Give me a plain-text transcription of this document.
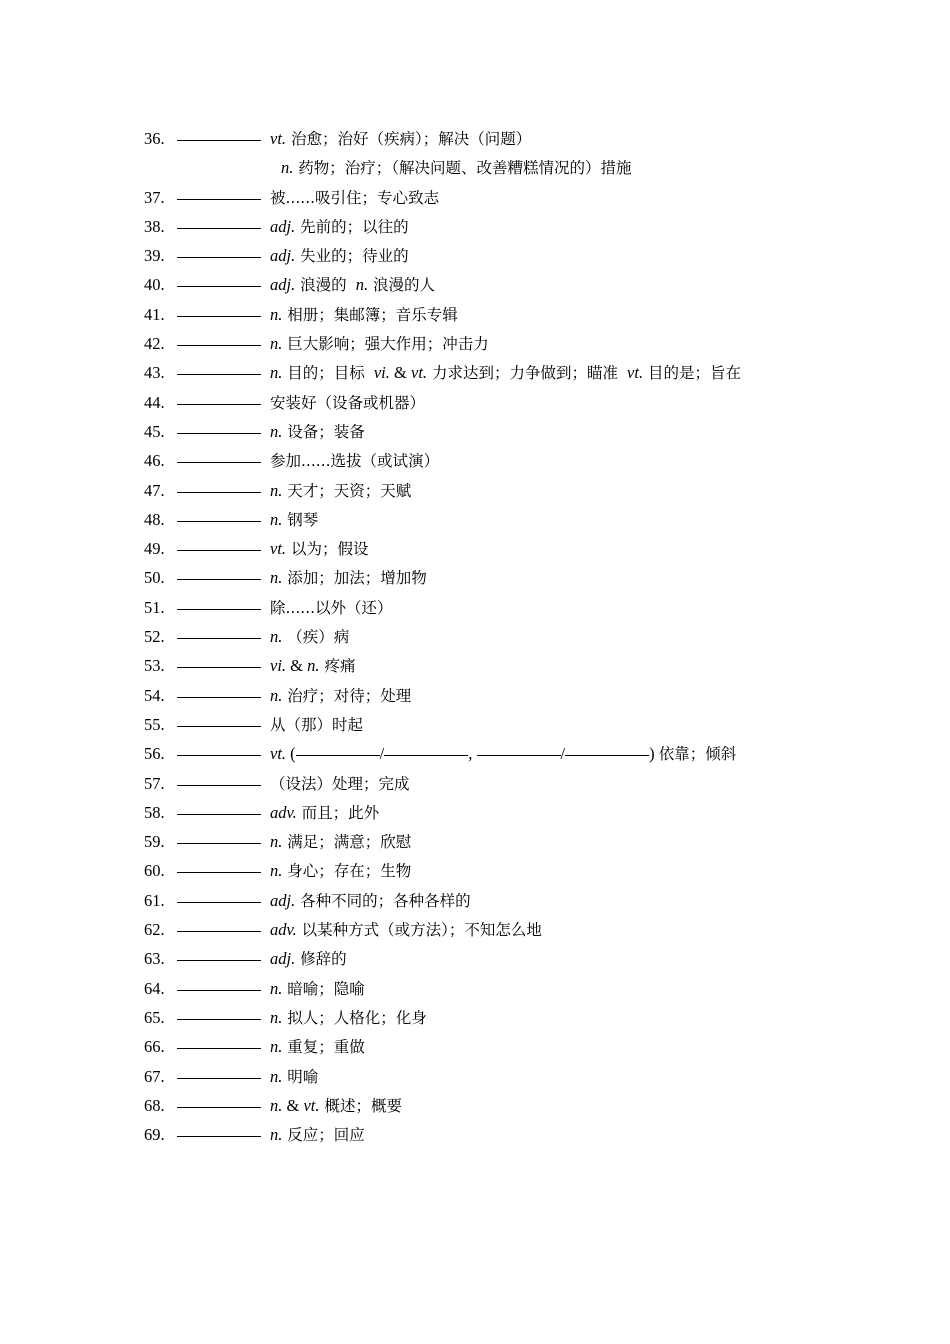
36.	vt. 治愈；治好（疾病）；解决（问题）
n. 药物；治疗；（解决问题、改善糟糕情况的）措施
37.	被......吸引住；专心致志
38.	adj. 先前的；以往的
39.	adj. 失业的；待业的
40.	adj. 浪漫的  n. 浪漫的人
41.	n. 相册；集邮簿；音乐专辑
42.	n. 巨大影响；强大作用；冲击力
43.	n. 目的；目标  vi. & vt. 力求达到；力争做到；瞄准  vt. 目的是；旨在
44.	安装好（设备或机器）
45.	n. 设备；装备
46.	参加......选拔（或试演）
47.	n. 天才；天资；天赋
48.	n. 钢琴
49.	vt. 以为；假设
50.	n. 添加；加法；增加物
51.	除......以外（还）
52.	n. （疾）病
53.	vi. & n. 疼痛
54.	n. 治疗；对待；处理
55.	从（那）时起
56.	vt. (	/	,	/	) 依靠；倾斜
57.	（设法）处理；完成
58.	adv. 而且；此外
59.	n. 满足；满意；欣慰
60.	n. 身心；存在；生物
61.	adj. 各种不同的；各种各样的
62.	adv. 以某种方式（或方法）；不知怎么地
63.	adj. 修辞的
64.	n. 暗喻；隐喻
65.	n. 拟人；人格化；化身
66.	n. 重复；重做
67.	n. 明喻
68.	n. & vt. 概述；概要
69.	n. 反应；回应
